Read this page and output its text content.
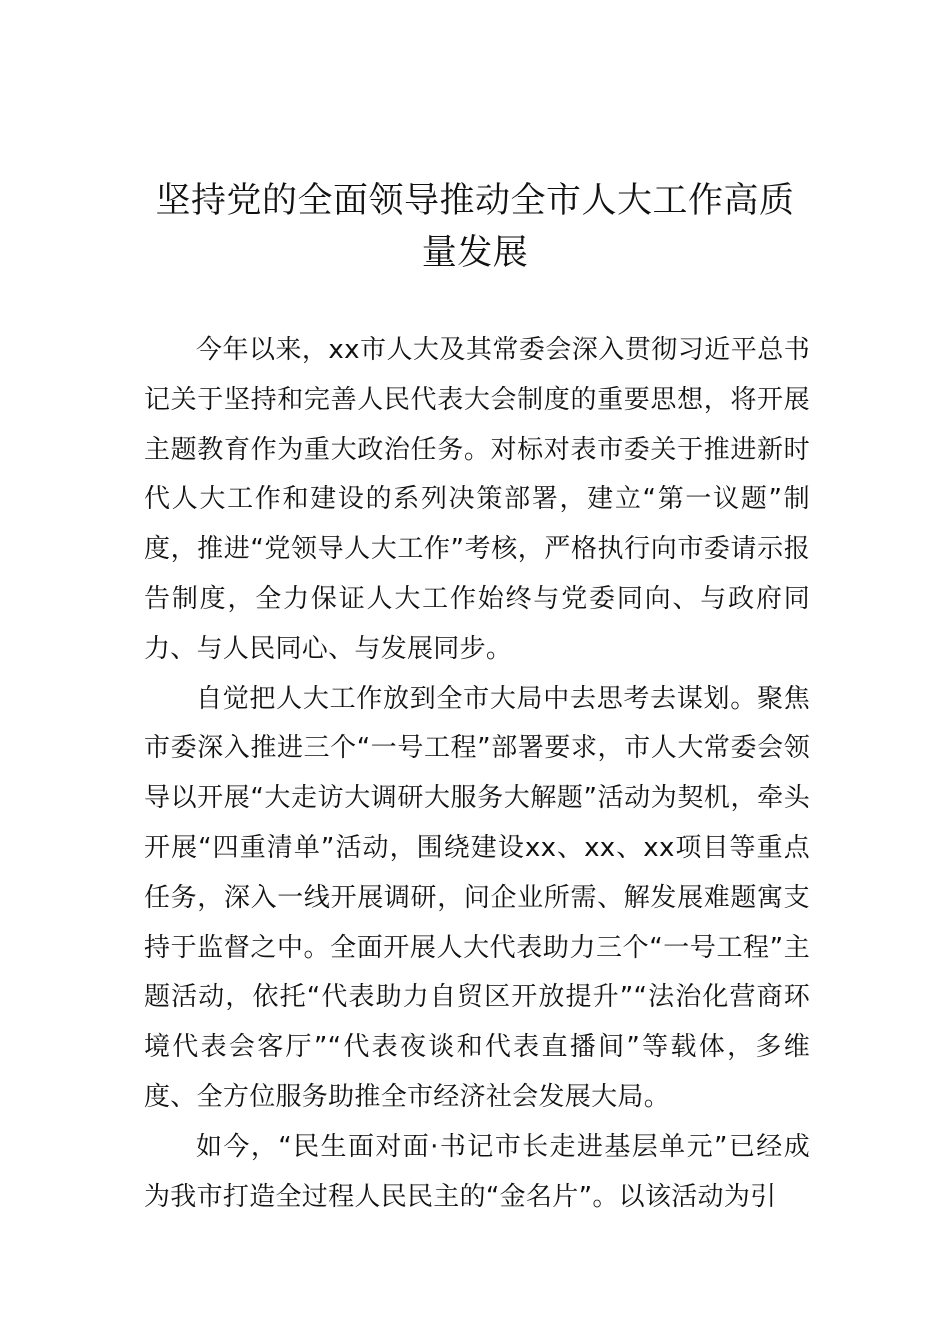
坚持党的全面领导推动全市人大工作高质量发展

今年以来，xx市人大及其常委会深入贯彻习近平总书记关于坚持和完善人民代表大会制度的重要思想，将开展主题教育作为重大政治任务。对标对表市委关于推进新时代人大工作和建设的系列决策部署，建立“第一议题”制度，推进“党领导人大工作”考核，严格执行向市委请示报告制度，全力保证人大工作始终与党委同向、与政府同力、与人民同心、与发展同步。

自觉把人大工作放到全市大局中去思考去谋划。聚焦市委深入推进三个“一号工程”部署要求，市人大常委会领导以开展“大走访大调研大服务大解题”活动为契机，牵头开展“四重清单”活动，围绕建设xx、xx、xx项目等重点任务，深入一线开展调研，问企业所需、解发展难题寓支持于监督之中。全面开展人大代表助力三个“一号工程”主题活动，依托“代表助力自贸区开放提升”“法治化营商环境代表会客厅”“代表夜谈和代表直播间”等载体，多维度、全方位服务助推全市经济社会发展大局。

如今，“民生面对面·书记市长走进基层单元”已经成为我市打造全过程人民民主的“金名片”。以该活动为引
